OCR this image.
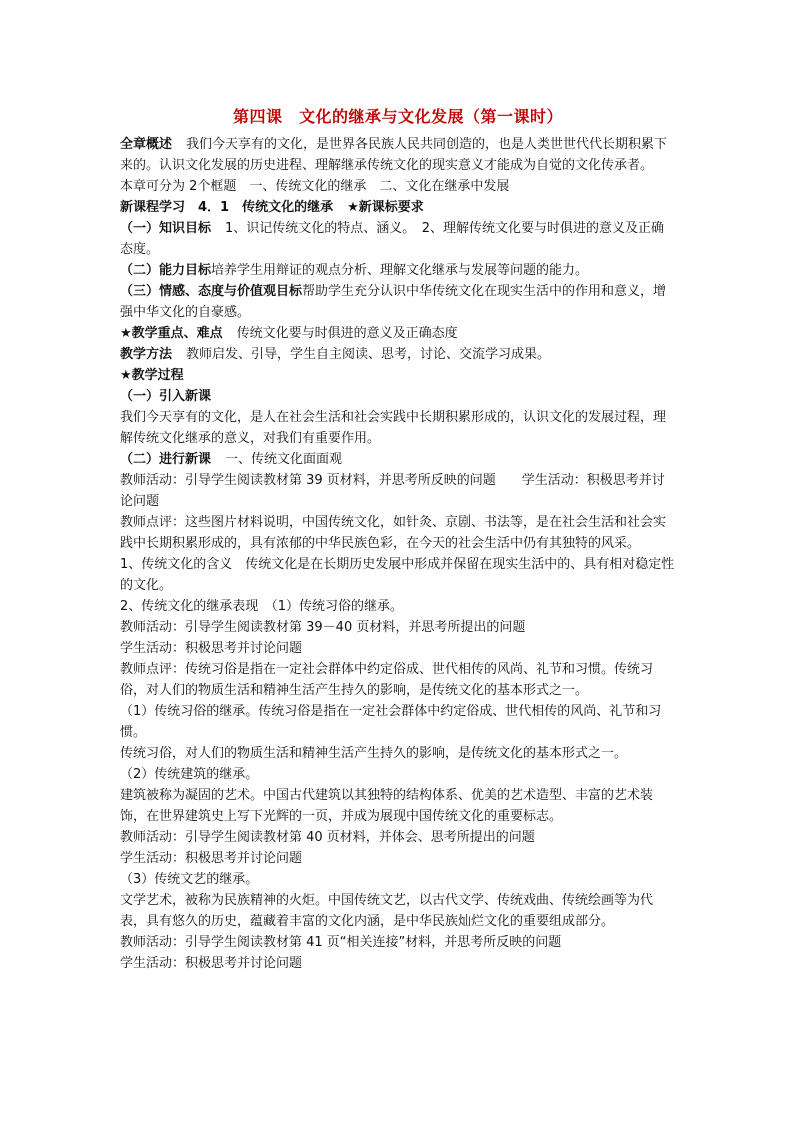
第四课　文化的继承与文化发展（第一课时）

全章概述 我们今天享有的文化，是世界各民族人民共同创造的，也是人类世世代代长期积累下来的。认识文化发展的历史进程、理解继承传统文化的现实意义才能成为自觉的文化传承者。

本章可分为 2个框题　一、传统文化的继承　二、文化在继承中发展

新课程学习　4．1　传统文化的继承 ★新课标要求

（一）知识目标 1、识记传统文化的特点、涵义。　2、理解传统文化要与时俱进的意义及正确态度。

（二）能力目标培养学生用辩证的观点分析、理解文化继承与发展等问题的能力。

（三）情感、态度与价值观目标帮助学生充分认识中华传统文化在现实生活中的作用和意义，增强中华文化的自豪感。

★教学重点、难点 传统文化要与时俱进的意义及正确态度

教学方法 教师启发、引导，学生自主阅读、思考，讨论、交流学习成果。

★教学过程

（一）引入新课

我们今天享有的文化，是人在社会生活和社会实践中长期积累形成的，认识文化的发展过程，理解传统文化继承的意义，对我们有重要作用。

（二）进行新课 一、传统文化面面观

教师活动：引导学生阅读教材第 39 页材料，并思考所反映的问题　　学生活动：积极思考并讨论问题

教师点评：这些图片材料说明，中国传统文化，如针灸、京剧、书法等，是在社会生活和社会实践中长期积累形成的，具有浓郁的中华民族色彩，在今天的社会生活中仍有其独特的风采。

1、传统文化的含义　传统文化是在长期历史发展中形成并保留在现实生活中的、具有相对稳定性的文化。

2、传统文化的继承表现　（1）传统习俗的继承。

教师活动：引导学生阅读教材第 39－40 页材料，并思考所提出的问题

学生活动：积极思考并讨论问题

教师点评：传统习俗是指在一定社会群体中约定俗成、世代相传的风尚、礼节和习惯。传统习俗，对人们的物质生活和精神生活产生持久的影响，是传统文化的基本形式之一。

（1）传统习俗的继承。传统习俗是指在一定社会群体中约定俗成、世代相传的风尚、礼节和习惯。

传统习俗，对人们的物质生活和精神生活产生持久的影响，是传统文化的基本形式之一。

（2）传统建筑的继承。

建筑被称为凝固的艺术。中国古代建筑以其独特的结构体系、优美的艺术造型、丰富的艺术装饰，在世界建筑史上写下光辉的一页，并成为展现中国传统文化的重要标志。

教师活动：引导学生阅读教材第 40 页材料，并体会、思考所提出的问题

学生活动：积极思考并讨论问题

（3）传统文艺的继承。

文学艺术，被称为民族精神的火炬。中国传统文艺，以古代文学、传统戏曲、传统绘画等为代表，具有悠久的历史，蕴藏着丰富的文化内涵，是中华民族灿烂文化的重要组成部分。

教师活动：引导学生阅读教材第 41 页“相关连接”材料，并思考所反映的问题

学生活动：积极思考并讨论问题
